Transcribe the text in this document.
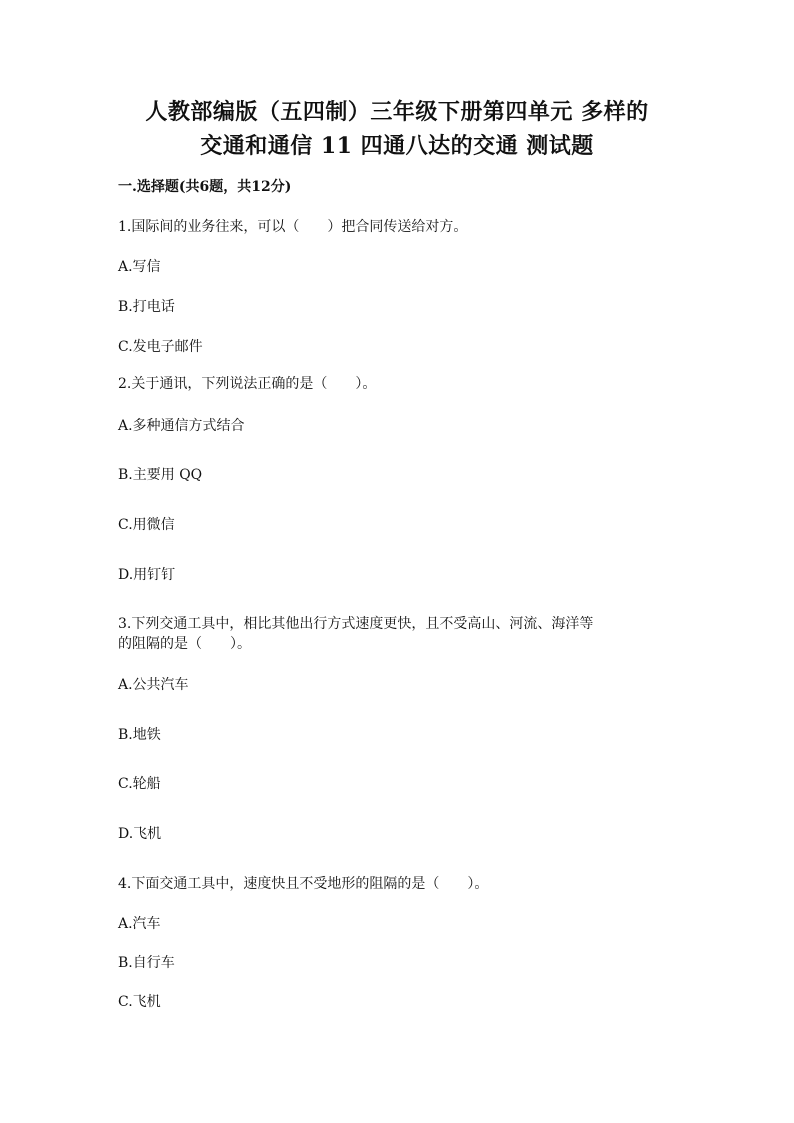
人教部编版（五四制）三年级下册第四单元 多样的
交通和通信 11 四通八达的交通 测试题
一.选择题(共6题，共12分)
1.国际间的业务往来，可以（　　）把合同传送给对方。
A.写信
B.打电话
C.发电子邮件
2.关于通讯，下列说法正确的是（　　）。
A.多种通信方式结合
B.主要用 QQ
C.用微信
D.用钉钉
3.下列交通工具中，相比其他出行方式速度更快，且不受高山、河流、海洋等
的阻隔的是（　　）。
A.公共汽车
B.地铁
C.轮船
D.飞机
4.下面交通工具中，速度快且不受地形的阻隔的是（　　）。
A.汽车
B.自行车
C.飞机
